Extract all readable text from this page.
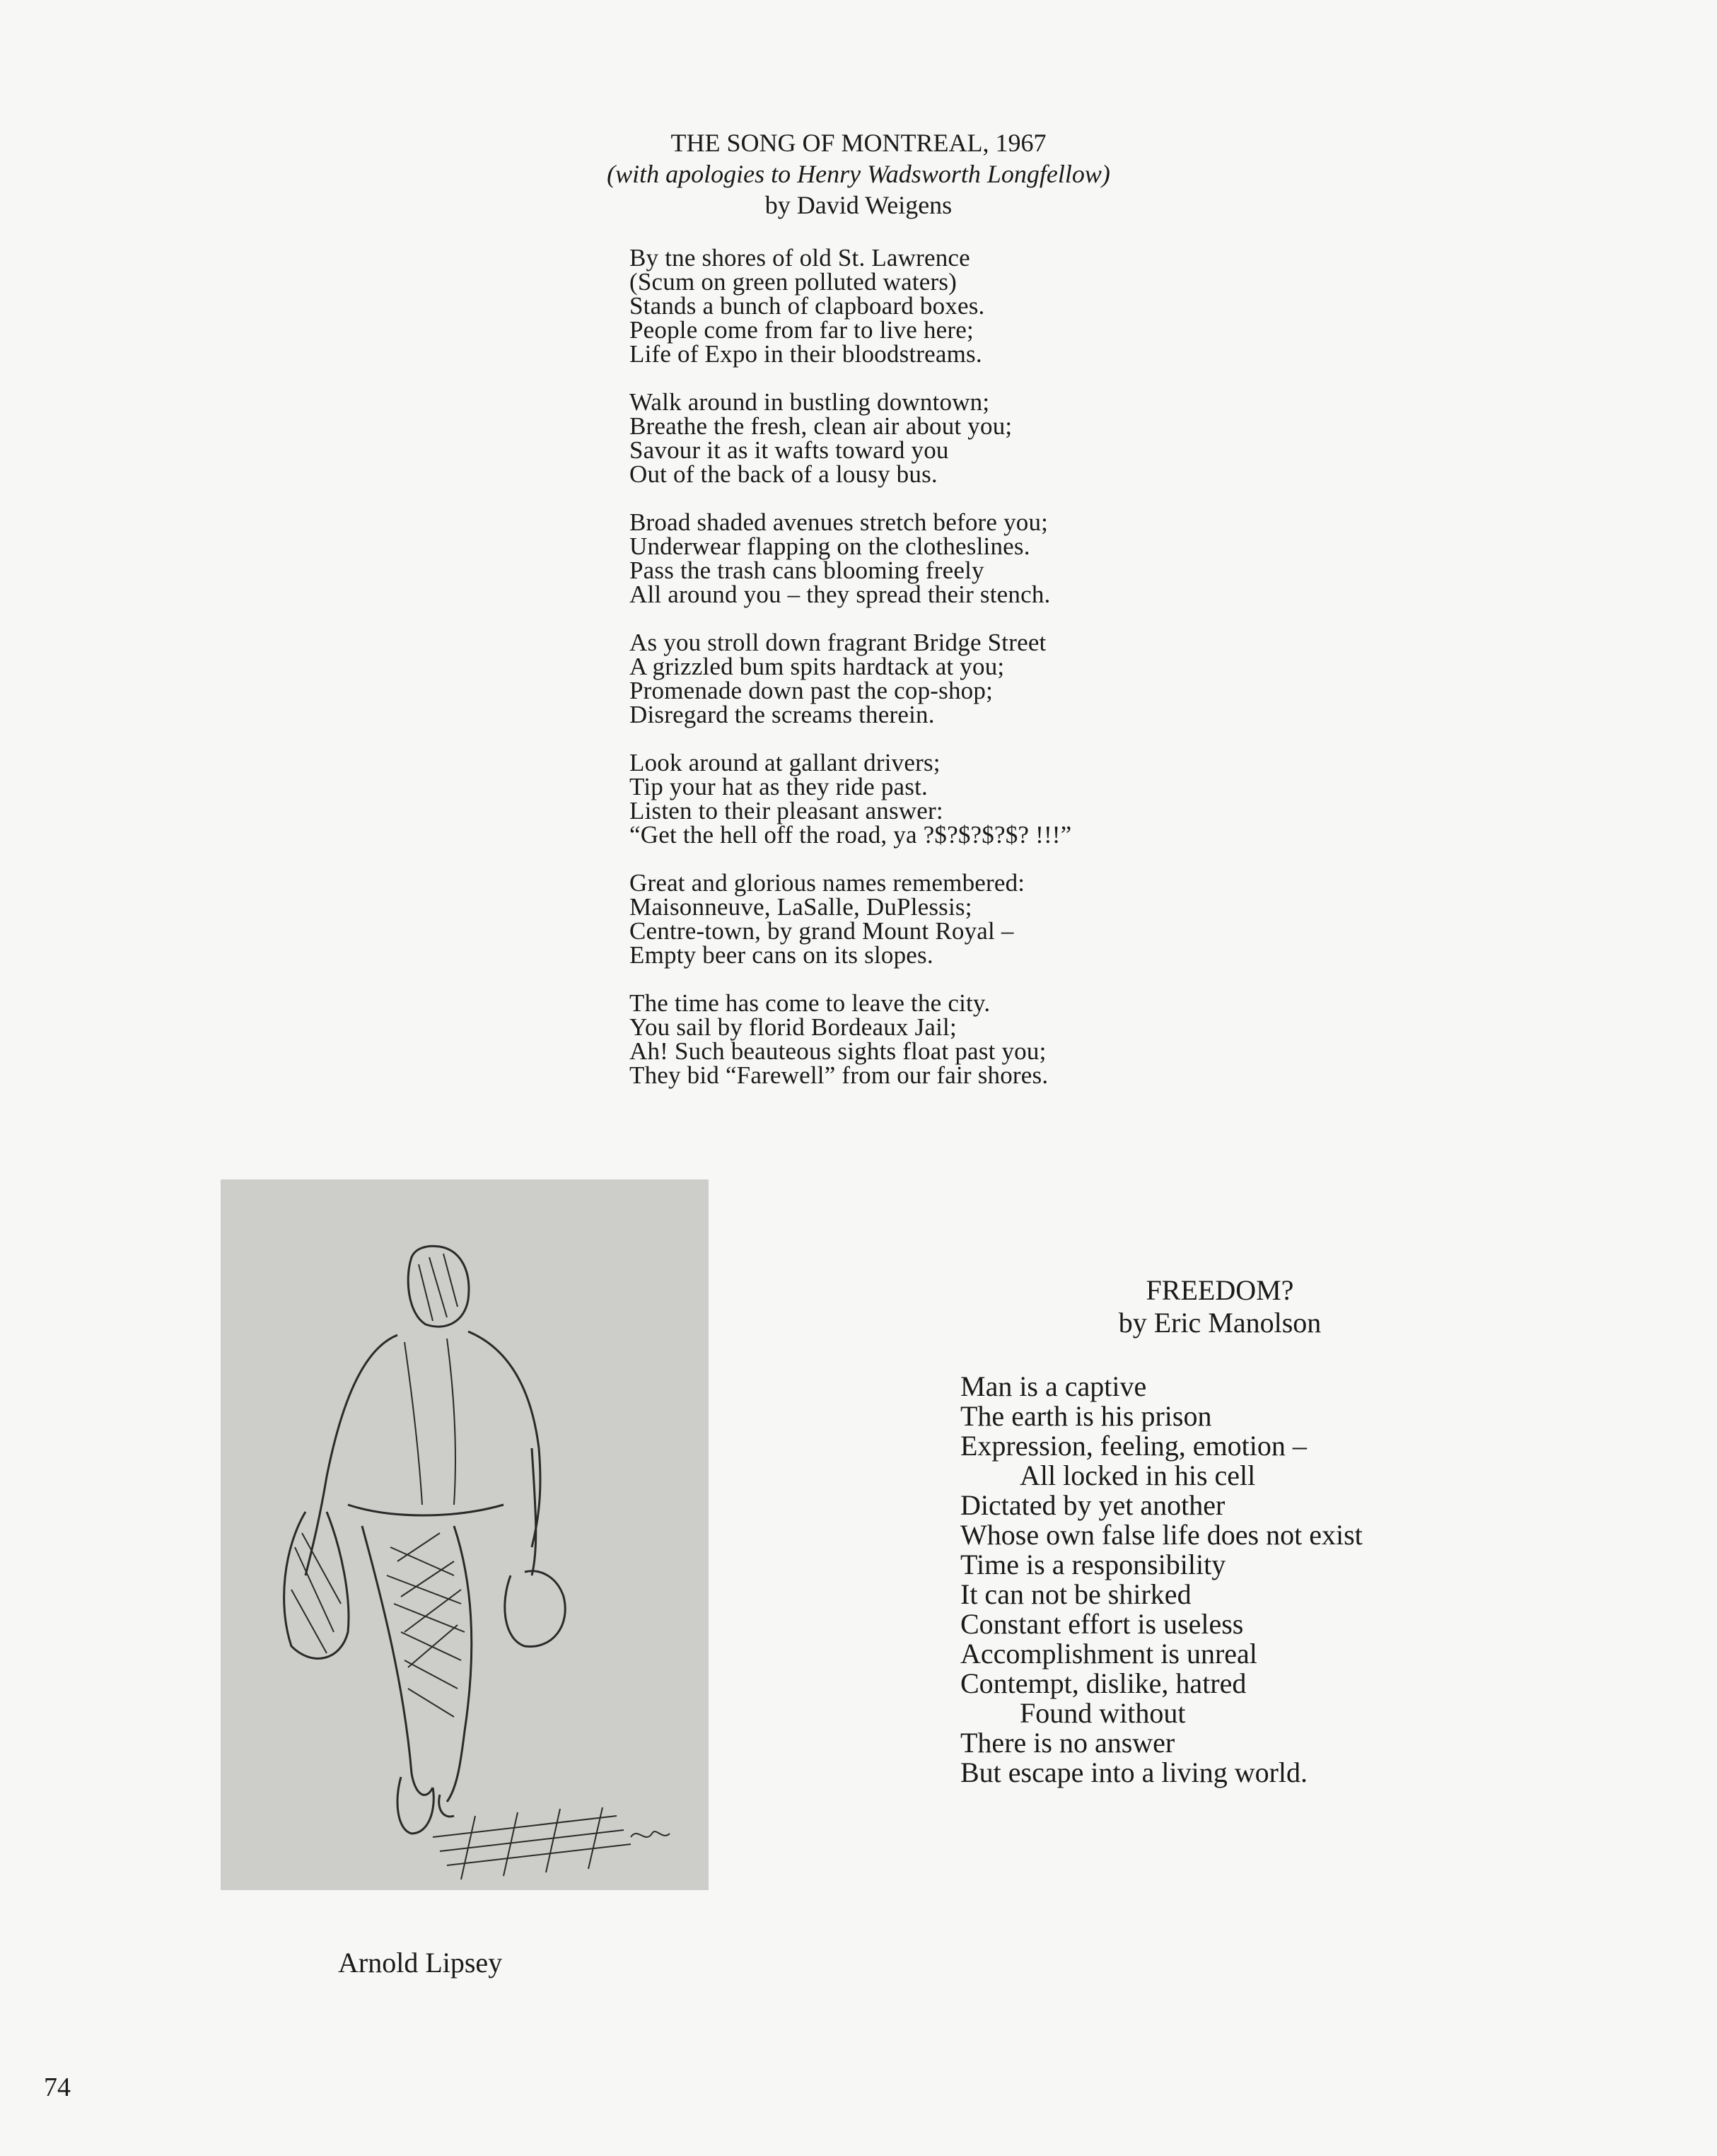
THE SONG OF MONTREAL, 1967
(with apologies to Henry Wadsworth Longfellow)
by David Weigens
By tne shores of old St. Lawrence
(Scum on green polluted waters)
Stands a bunch of clapboard boxes.
People come from far to live here;
Life of Expo in their bloodstreams.
Walk around in bustling downtown;
Breathe the fresh, clean air about you;
Savour it as it wafts toward you
Out of the back of a lousy bus.
Broad shaded avenues stretch before you;
Underwear flapping on the clotheslines.
Pass the trash cans blooming freely
All around you – they spread their stench.
As you stroll down fragrant Bridge Street
A grizzled bum spits hardtack at you;
Promenade down past the cop-shop;
Disregard the screams therein.
Look around at gallant drivers;
Tip your hat as they ride past.
Listen to their pleasant answer:
“Get the hell off the road, ya ?$?$?$?$? !!!”
Great and glorious names remembered:
Maisonneuve, LaSalle, DuPlessis;
Centre-town, by grand Mount Royal –
Empty beer cans on its slopes.
The time has come to leave the city.
You sail by florid Bordeaux Jail;
Ah! Such beauteous sights float past you;
They bid “Farewell” from our fair shores.
Arnold Lipsey
FREEDOM?
by Eric Manolson
Man is a captive
The earth is his prison
Expression, feeling, emotion –
All locked in his cell
Dictated by yet another
Whose own false life does not exist
Time is a responsibility
It can not be shirked
Constant effort is useless
Accomplishment is unreal
Contempt, dislike, hatred
Found without
There is no answer
But escape into a living world.
74
